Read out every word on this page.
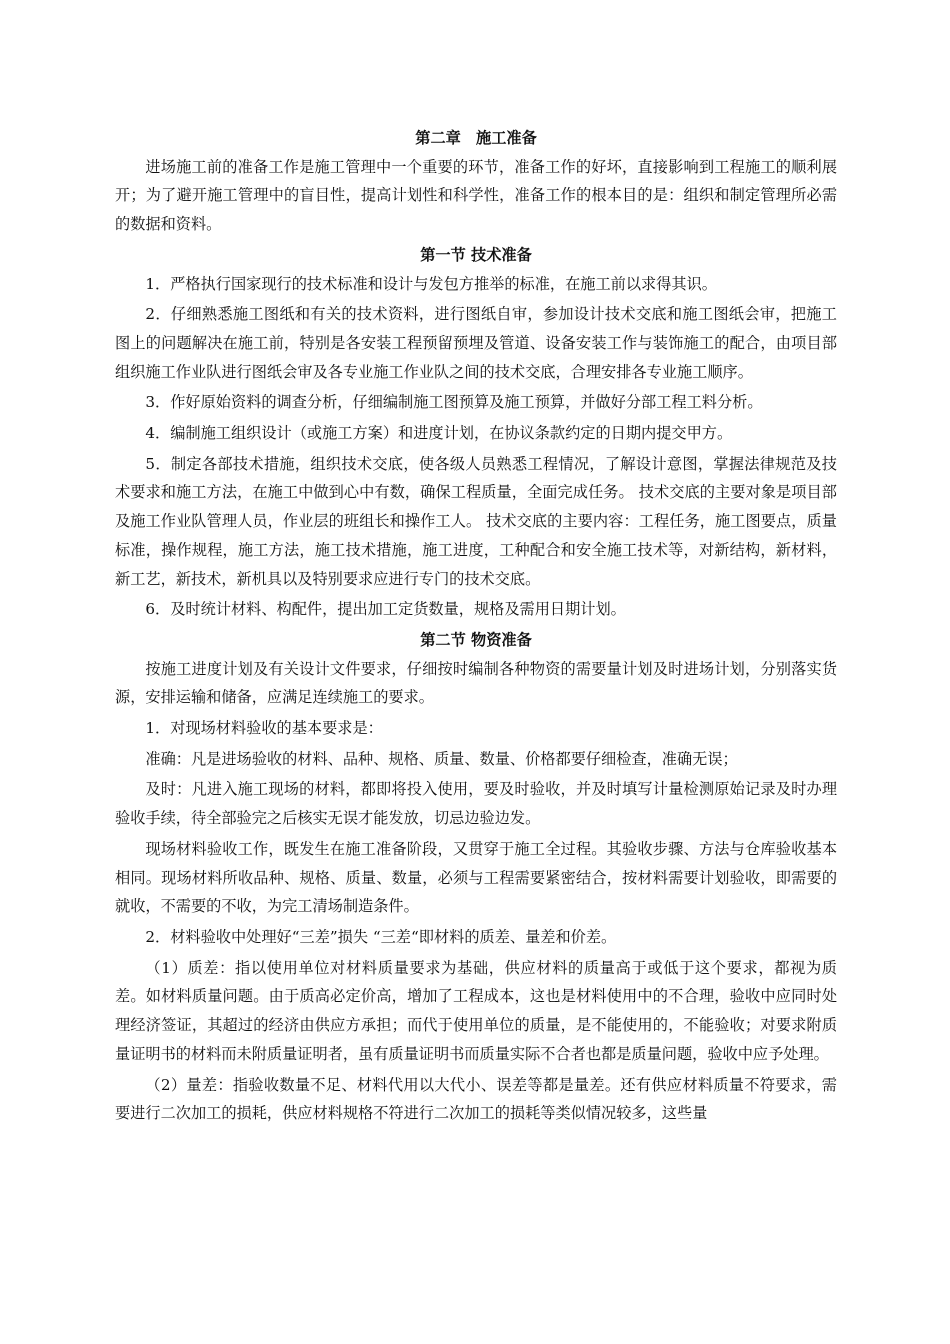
第二章　施工准备

进场施工前的准备工作是施工管理中一个重要的环节，准备工作的好坏，直接影响到工程施工的顺利展开；为了避开施工管理中的盲目性，提高计划性和科学性，准备工作的根本目的是：组织和制定管理所必需的数据和资料。

第一节 技术准备

1．严格执行国家现行的技术标准和设计与发包方推举的标准，在施工前以求得其识。

2．仔细熟悉施工图纸和有关的技术资料，进行图纸自审，参加设计技术交底和施工图纸会审，把施工图上的问题解决在施工前，特别是各安装工程预留预埋及管道、设备安装工作与装饰施工的配合，由项目部组织施工作业队进行图纸会审及各专业施工作业队之间的技术交底，合理安排各专业施工顺序。

3．作好原始资料的调查分析，仔细编制施工图预算及施工预算，并做好分部工程工料分析。

4．编制施工组织设计（或施工方案）和进度计划，在协议条款约定的日期内提交甲方。

5．制定各部技术措施，组织技术交底，使各级人员熟悉工程情况，了解设计意图，掌握法律规范及技术要求和施工方法，在施工中做到心中有数，确保工程质量，全面完成任务。 技术交底的主要对象是项目部及施工作业队管理人员，作业层的班组长和操作工人。 技术交底的主要内容：工程任务，施工图要点，质量标准，操作规程，施工方法，施工技术措施，施工进度，工种配合和安全施工技术等，对新结构，新材料，新工艺，新技术，新机具以及特别要求应进行专门的技术交底。

6．及时统计材料、构配件，提出加工定货数量，规格及需用日期计划。

第二节 物资准备

按施工进度计划及有关设计文件要求，仔细按时编制各种物资的需要量计划及时进场计划，分别落实货源，安排运输和储备，应满足连续施工的要求。

1．对现场材料验收的基本要求是：

准确：凡是进场验收的材料、品种、规格、质量、数量、价格都要仔细检查，准确无误；

及时：凡进入施工现场的材料，都即将投入使用，要及时验收，并及时填写计量检测原始记录及时办理验收手续，待全部验完之后核实无误才能发放，切忌边验边发。

现场材料验收工作，既发生在施工准备阶段，又贯穿于施工全过程。其验收步骤、方法与仓库验收基本相同。现场材料所收品种、规格、质量、数量，必须与工程需要紧密结合，按材料需要计划验收，即需要的就收，不需要的不收，为完工清场制造条件。

2．材料验收中处理好“三差”损失 “三差“即材料的质差、量差和价差。

（1）质差：指以使用单位对材料质量要求为基础，供应材料的质量高于或低于这个要求，都视为质差。如材料质量问题。由于质高必定价高，增加了工程成本，这也是材料使用中的不合理，验收中应同时处理经济签证，其超过的经济由供应方承担；而代于使用单位的质量，是不能使用的，不能验收；对要求附质量证明书的材料而未附质量证明者，虽有质量证明书而质量实际不合者也都是质量问题，验收中应予处理。

（2）量差：指验收数量不足、材料代用以大代小、误差等都是量差。还有供应材料质量不符要求，需要进行二次加工的损耗，供应材料规格不符进行二次加工的损耗等类似情况较多，这些量
